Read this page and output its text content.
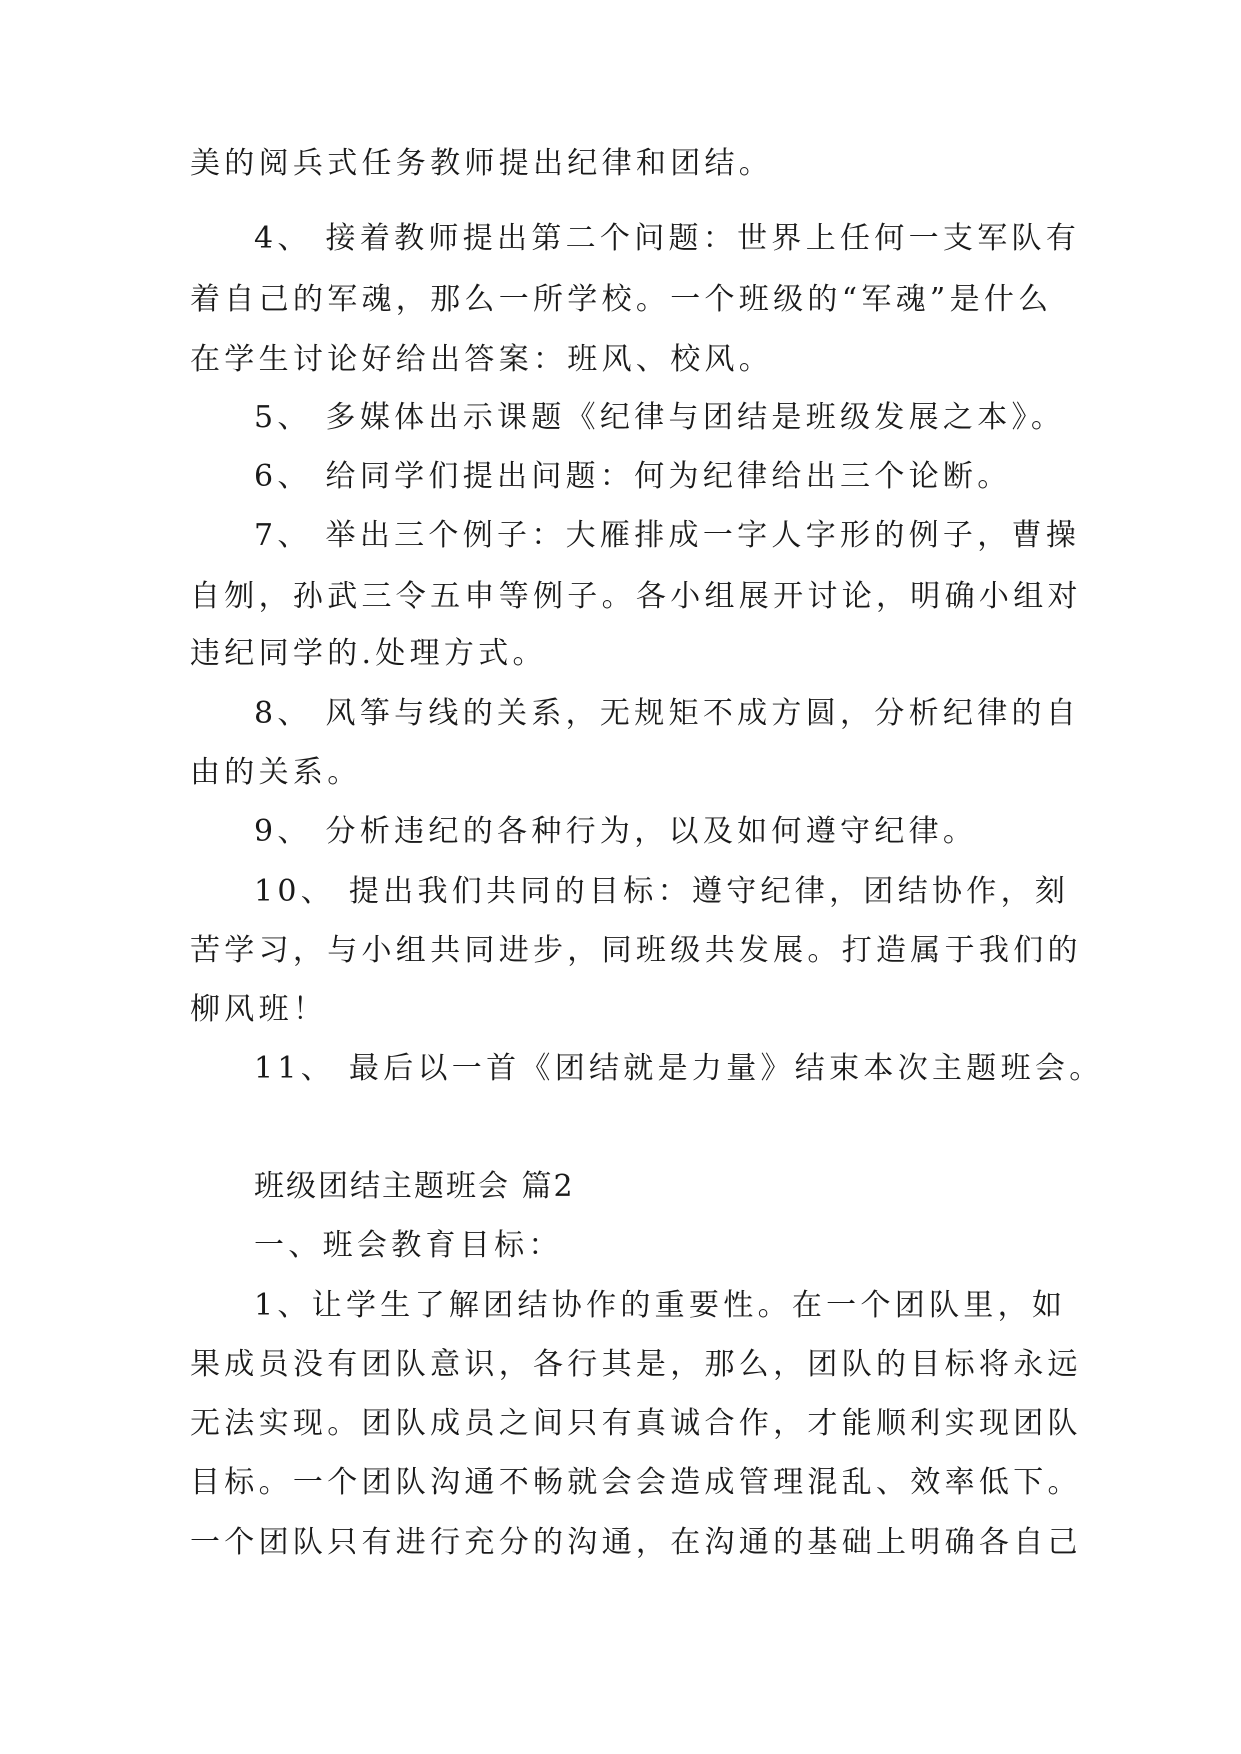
美的阅兵式任务教师提出纪律和团结。

4、 接着教师提出第二个问题：世界上任何一支军队有

着自己的军魂，那么一所学校。一个班级的“军魂”是什么

在学生讨论好给出答案：班风、校风。

5、 多媒体出示课题《纪律与团结是班级发展之本》。

6、 给同学们提出问题：何为纪律给出三个论断。

7、 举出三个例子：大雁排成一字人字形的例子，曹操

自刎，孙武三令五申等例子。各小组展开讨论，明确小组对

违纪同学的.处理方式。

8、 风筝与线的关系，无规矩不成方圆，分析纪律的自

由的关系。

9、 分析违纪的各种行为，以及如何遵守纪律。

10、 提出我们共同的目标：遵守纪律，团结协作，刻

苦学习，与小组共同进步，同班级共发展。打造属于我们的

柳风班！

11、 最后以一首《团结就是力量》结束本次主题班会。

班级团结主题班会 篇2

一、班会教育目标：

1、让学生了解团结协作的重要性。在一个团队里，如

果成员没有团队意识，各行其是，那么，团队的目标将永远

无法实现。团队成员之间只有真诚合作，才能顺利实现团队

目标。一个团队沟通不畅就会会造成管理混乱、效率低下。

一个团队只有进行充分的沟通，在沟通的基础上明确各自己
